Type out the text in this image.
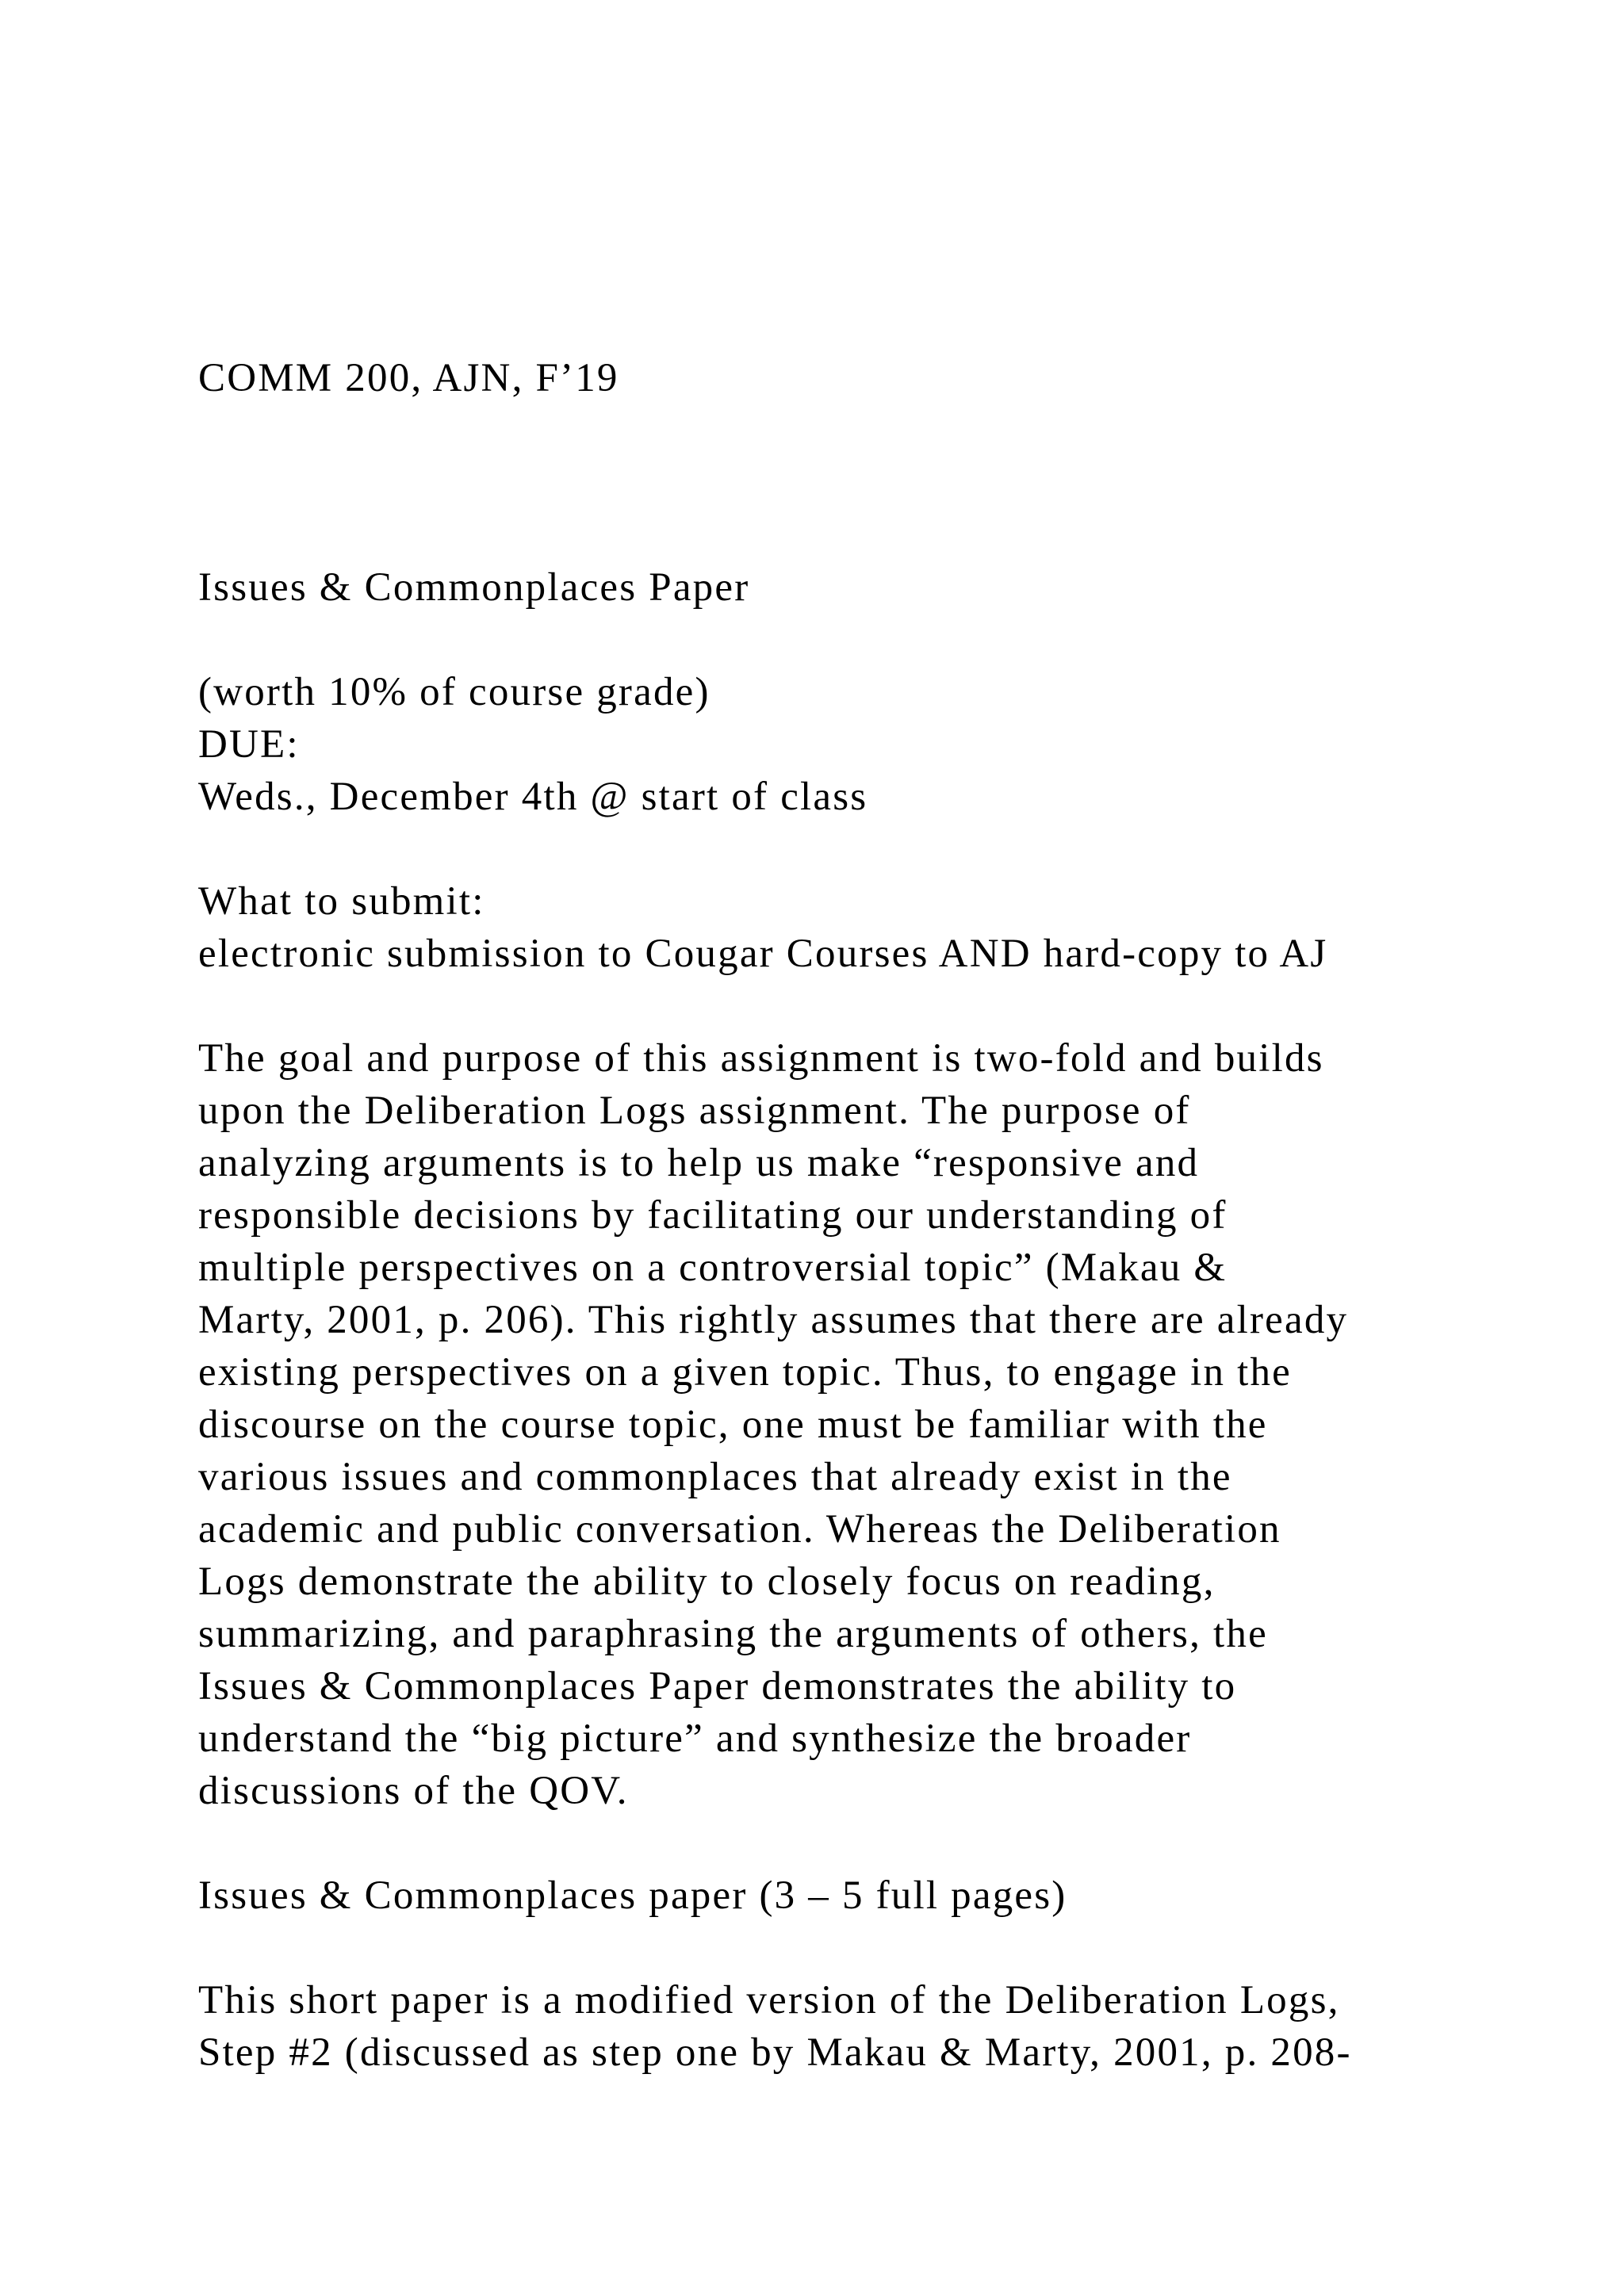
COMM 200, AJN, F’19
Issues & Commonplaces Paper
(worth 10% of course grade)
DUE:
Weds., December 4th @ start of class
What to submit:
electronic submission to Cougar Courses AND hard-copy to AJ
The goal and purpose of this assignment is two-fold and builds
upon the Deliberation Logs assignment. The purpose of
analyzing arguments is to help us make “responsive and
responsible decisions by facilitating our understanding of
multiple perspectives on a controversial topic” (Makau &
Marty, 2001, p. 206). This rightly assumes that there are already
existing perspectives on a given topic. Thus, to engage in the
discourse on the course topic, one must be familiar with the
various issues and commonplaces that already exist in the
academic and public conversation. Whereas the Deliberation
Logs demonstrate the ability to closely focus on reading,
summarizing, and paraphrasing the arguments of others, the
Issues & Commonplaces Paper demonstrates the ability to
understand the “big picture” and synthesize the broader
discussions of the QOV.
Issues & Commonplaces paper (3 – 5 full pages)
This short paper is a modified version of the Deliberation Logs,
Step #2 (discussed as step one by Makau & Marty, 2001, p. 208-
